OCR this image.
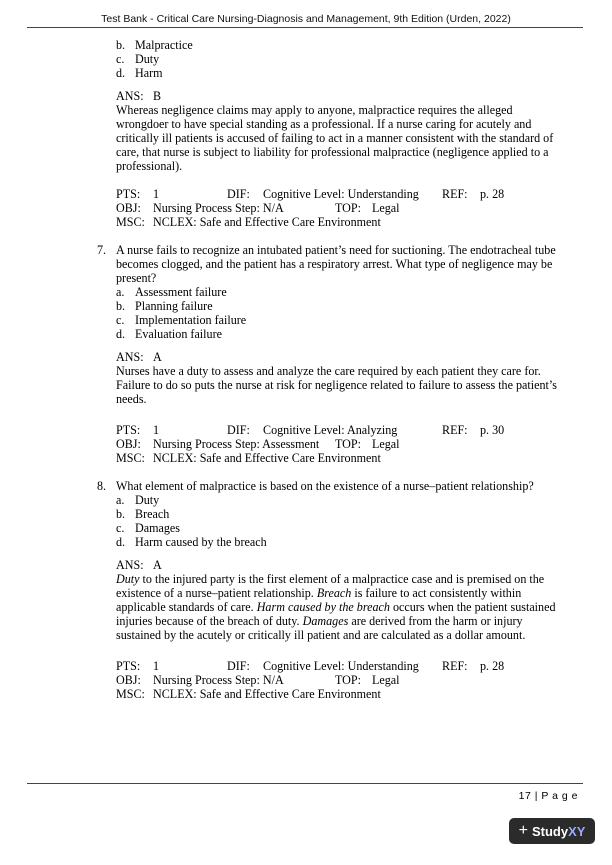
Test Bank - Critical Care Nursing-Diagnosis and Management, 9th Edition (Urden, 2022)
b. Malpractice
c. Duty
d. Harm
ANS: B
Whereas negligence claims may apply to anyone, malpractice requires the alleged
wrongdoer to have special standing as a professional. If a nurse caring for acutely and
critically ill patients is accused of failing to act in a manner consistent with the standard of
care, that nurse is subject to liability for professional malpractice (negligence applied to a
professional).
PTS: 1	DIF: Cognitive Level: Understanding REF: p. 28
OBJ: Nursing Process Step: N/A	TOP: Legal
MSC: NCLEX: Safe and Effective Care Environment
7. A nurse fails to recognize an intubated patient’s need for suctioning. The endotracheal tube
becomes clogged, and the patient has a respiratory arrest. What type of negligence may be
present?
a. Assessment failure
b. Planning failure
c. Implementation failure
d. Evaluation failure
ANS: A
Nurses have a duty to assess and analyze the care required by each patient they care for.
Failure to do so puts the nurse at risk for negligence related to failure to assess the patient’s
needs.
PTS: 1	DIF: Cognitive Level: Analyzing	REF: p. 30
OBJ: Nursing Process Step: Assessment TOP: Legal
MSC: NCLEX: Safe and Effective Care Environment
8. What element of malpractice is based on the existence of a nurse–patient relationship?
a. Duty
b. Breach
c. Damages
d. Harm caused by the breach
ANS: A
Duty to the injured party is the first element of a malpractice case and is premised on the
existence of a nurse–patient relationship. Breach is failure to act consistently within
applicable standards of care. Harm caused by the breach occurs when the patient sustained
injuries because of the breach of duty. Damages are derived from the harm or injury
sustained by the acutely or critically ill patient and are calculated as a dollar amount.
PTS: 1	DIF: Cognitive Level: Understanding REF: p. 28
OBJ: Nursing Process Step: N/A	TOP: Legal
MSC: NCLEX: Safe and Effective Care Environment
17 | P a g e
+ StudyXY
